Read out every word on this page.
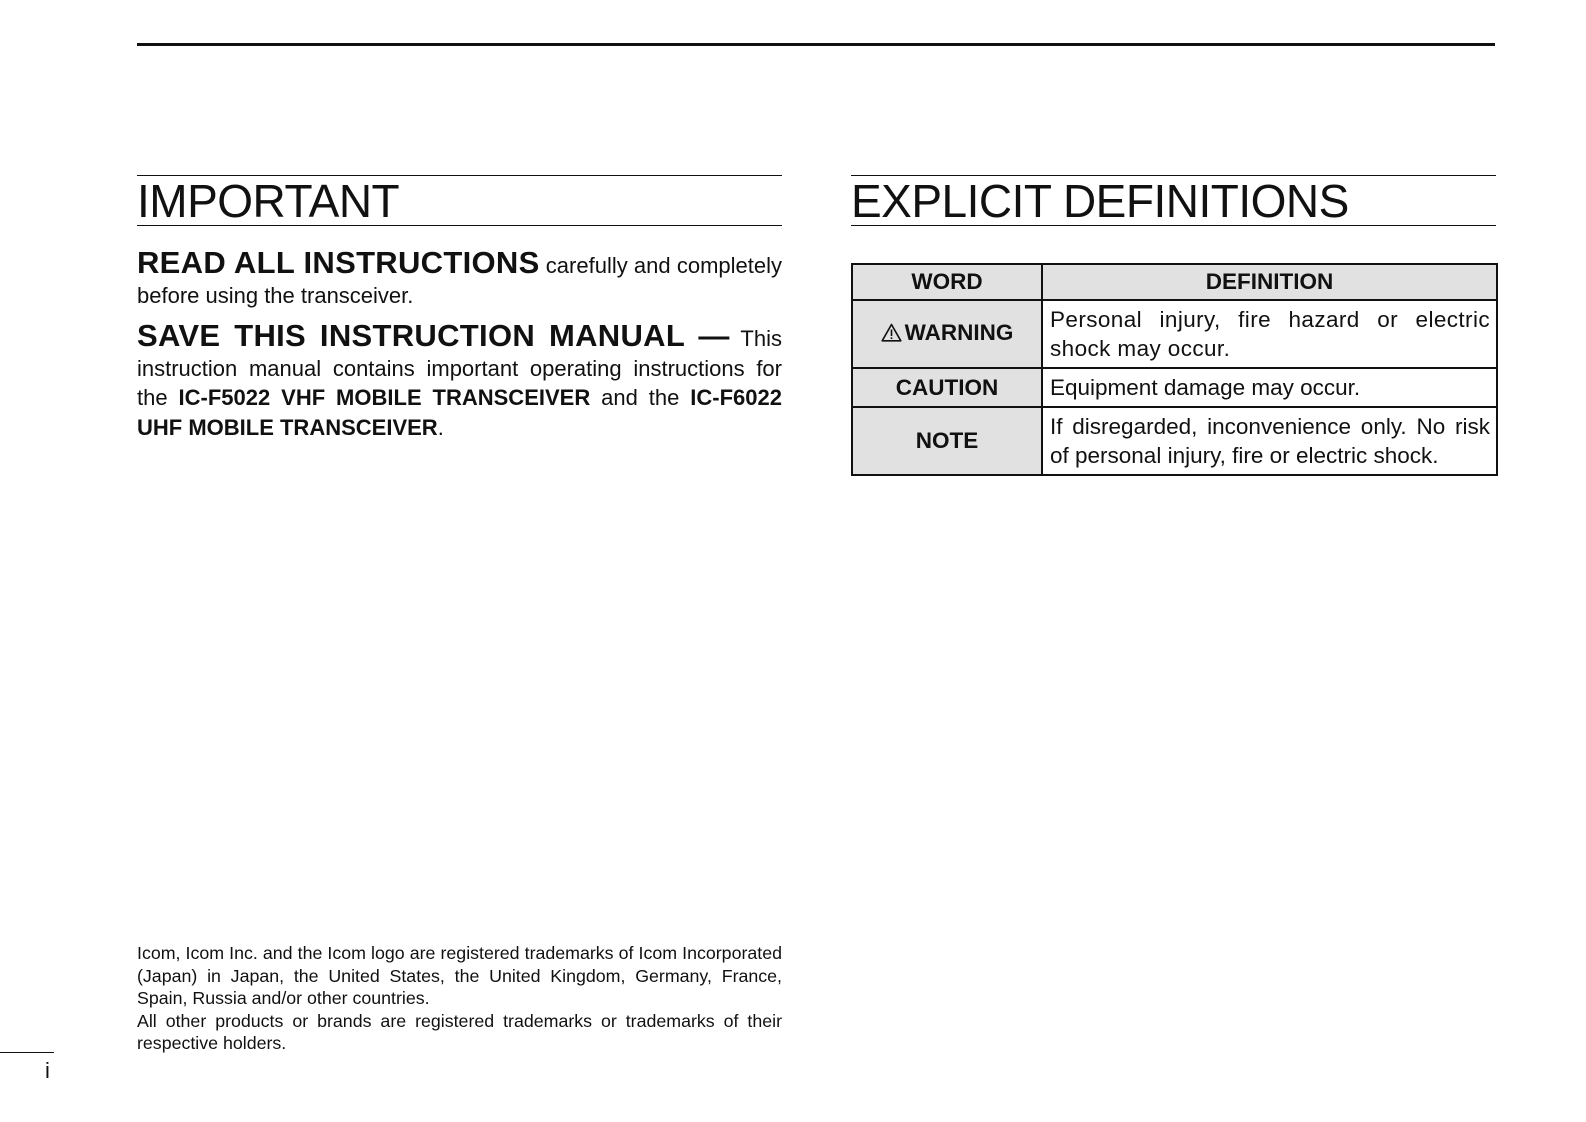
IMPORTANT

READ ALL INSTRUCTIONS carefully and completely before using the transceiver.

SAVE THIS INSTRUCTION MANUAL — This instruction manual contains important operating instructions for the IC-F5022 VHF MOBILE TRANSCEIVER and the IC-F6022 UHF MOBILE TRANSCEIVER.

EXPLICIT DEFINITIONS
WORD	DEFINITION
WARNING	Personal injury, fire hazard or electric shock may occur.
CAUTION	Equipment damage may occur.
NOTE	If disregarded, inconvenience only. No risk of personal injury, fire or electric shock.

Icom, Icom Inc. and the Icom logo are registered trademarks of Icom Incorporated (Japan) in Japan, the United States, the United Kingdom, Germany, France, Spain, Russia and/or other countries.

All other products or brands are registered trademarks or trademarks of their respective holders.

i
